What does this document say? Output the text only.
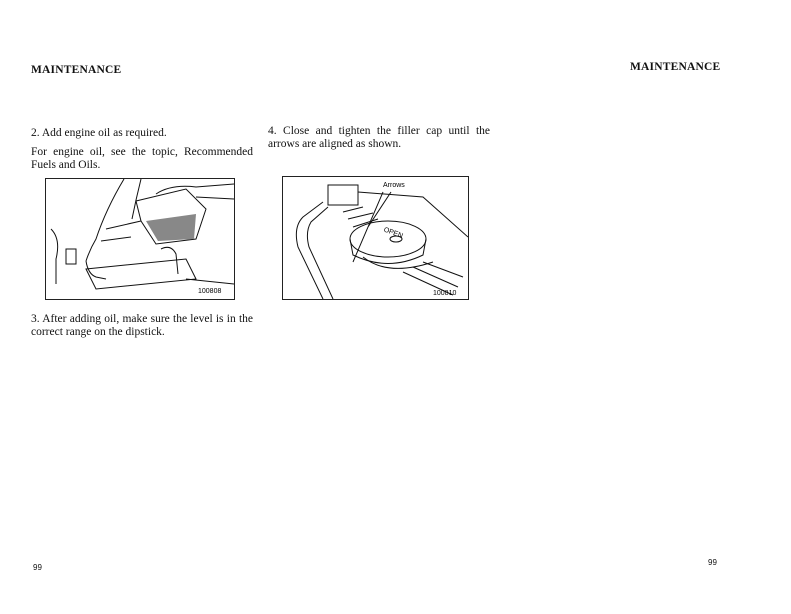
MAINTENANCE	MAINTENANCE
2. Add engine oil as required.
For engine oil, see the topic, Recommended Fuels and Oils.
100808
3. After adding oil, make sure the level is in the correct range on the dipstick.
4. Close and tighten the filler cap until the arrows are aligned as shown.
Arrows
OPEN
100810
99
99
